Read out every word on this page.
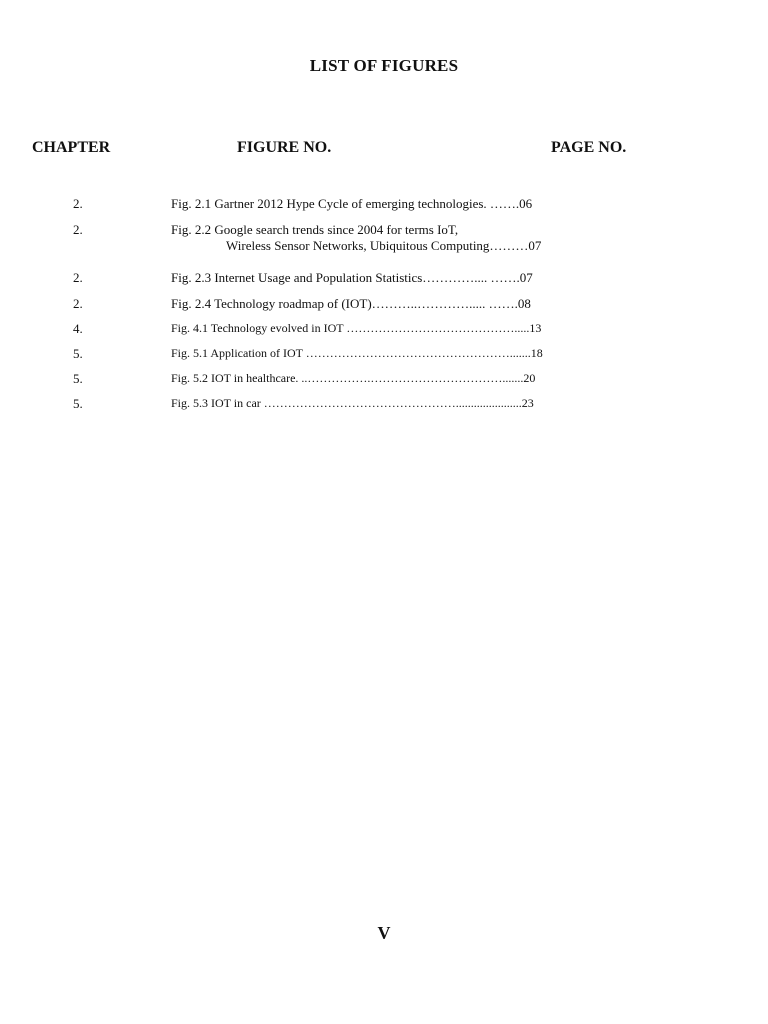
LIST OF FIGURES
CHAPTER	FIGURE NO.	PAGE NO.
2.	Fig. 2.1 Gartner 2012 Hype Cycle of emerging technologies. …….06
2.	Fig. 2.2 Google search trends since 2004 for terms IoT,
Wireless Sensor Networks, Ubiquitous Computing………07
2.	Fig. 2.3 Internet Usage and Population Statistics………….... …….07
2.	Fig. 2.4 Technology roadmap of (IOT)………..…………..... …….08
4.	Fig. 4.1 Technology evolved in IOT …………………………………….....13
5.	Fig. 5.1 Application of IOT …………………………………………….......18
5.	Fig. 5.2 IOT in healthcare. ..…………….…………………………….......20
5.	Fig. 5.3 IOT in car …………………………………………......................23
V
